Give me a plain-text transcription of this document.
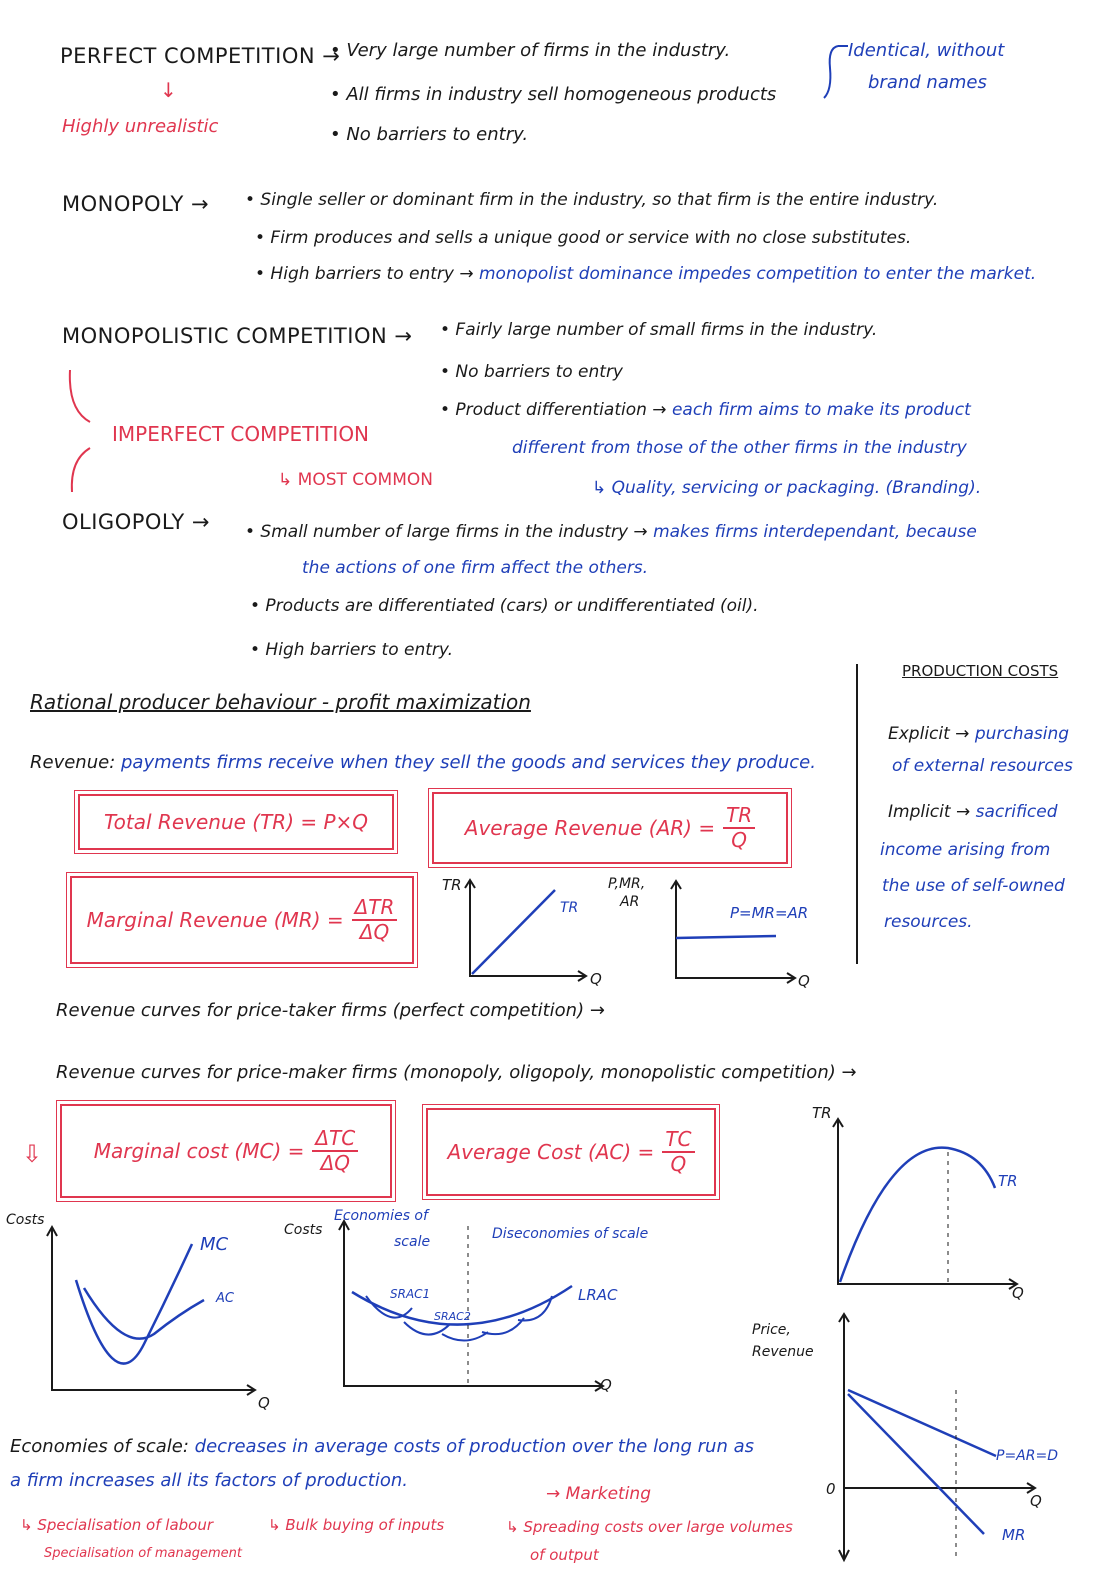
PERFECT COMPETITION →
↓
Highly unrealistic
• Very large number of firms in the industry.
• All firms in industry sell homogeneous products
• No barriers to entry.
Identical, without
brand names
MONOPOLY → • Single seller or dominant firm in the industry, so that firm is the entire industry.
• Firm produces and sells a unique good or service with no close substitutes.
• High barriers to entry → monopolist dominance impedes competition to enter the market.
MONOPOLISTIC COMPETITION → • Fairly large number of small firms in the industry.
• No barriers to entry
• Product differentiation → each firm aims to make its product
different from those of the other firms in the industry
↳ Quality, servicing or packaging. (Branding).
IMPERFECT COMPETITION
↳ MOST COMMON
OLIGOPOLY → • Small number of large firms in the industry → makes firms interdependant, because
the actions of one firm affect the others.
• Products are differentiated (cars) or undifferentiated (oil).
• High barriers to entry.
Rational producer behaviour - profit maximization
Revenue: payments firms receive when they sell the goods and services they produce.
PRODUCTION COSTS
Explicit → purchasing
of external resources
Implicit → sacrificed
income arising from
the use of self-owned
resources.
Total Revenue (TR) = P×Q	Average Revenue $(AR) = \frac{TR}{Q}$
Marginal Revenue $(MR) = \frac{\text{ΔTR}}{\Delta Q}$
Marginal cost $(MC) = \frac{\text{ΔTC}}{\Delta Q}$	Average Cost $(AC) = \frac{TC}{Q}$
TR
TR
Q
P,MR,
AR
P=MR=AR
Q
Revenue curves for price-taker firms (perfect competition) →
Revenue curves for price-maker firms (monopoly, oligopoly, monopolistic competition) →
TR
TR
Q
Price,
Revenue
P=AR=D
MR
0
Q
⇩
Costs
MC
AC
Q
Costs
Economies of
scale	Diseconomies of scale
SRAC1
SRAC2
LRAC
Q
Economies of scale: decreases in average costs of production over the long run as
a firm increases all its factors of production.
→ Marketing
↳ Specialisation of labour
Specialisation of management
↳ Bulk buying of inputs	↳ Spreading costs over large volumes
of output
